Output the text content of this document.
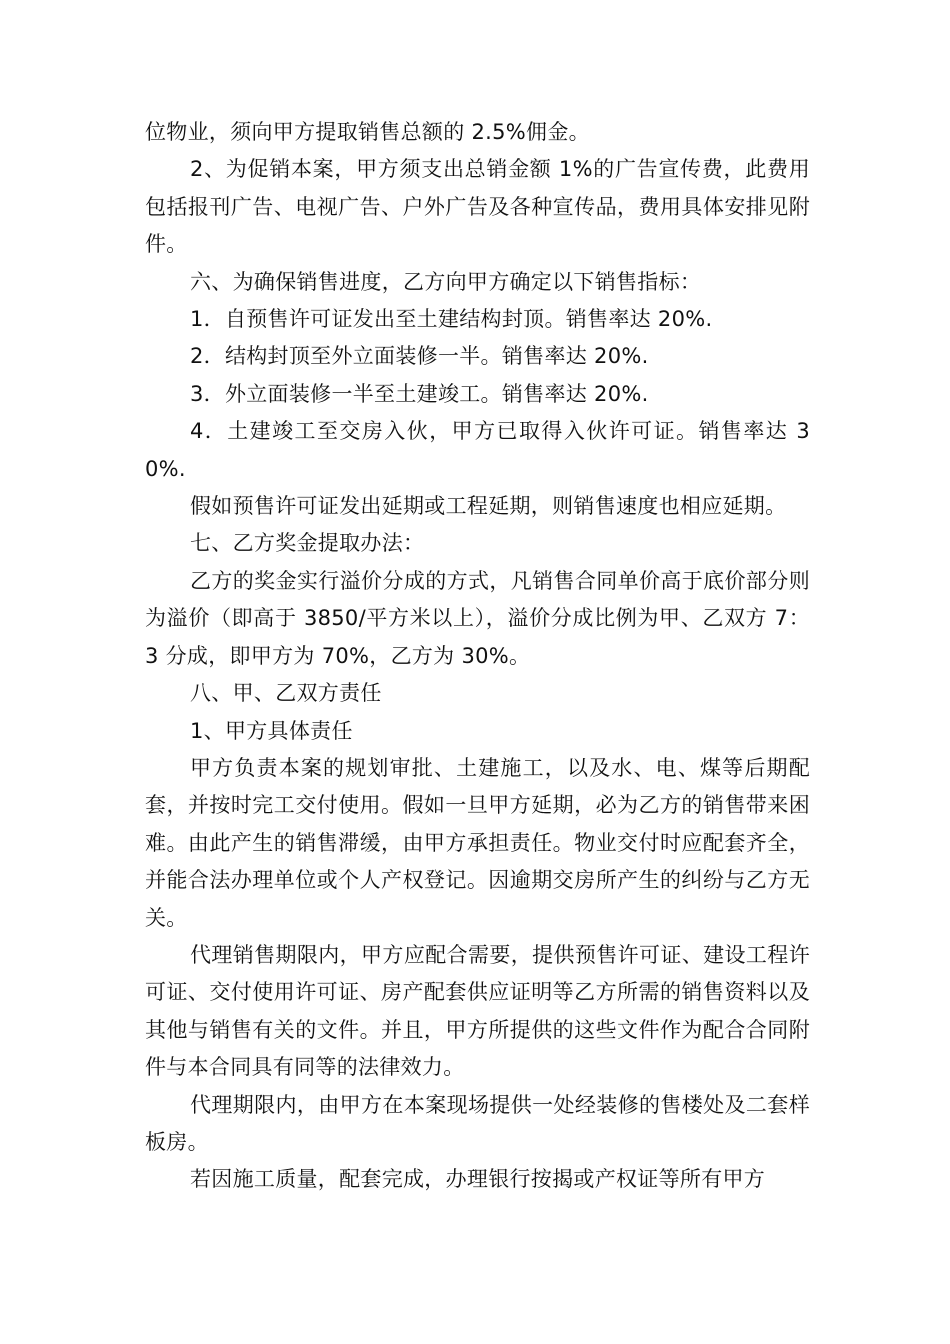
位物业，须向甲方提取销售总额的 2.5%佣金。

2、为促销本案，甲方须支出总销金额 1%的广告宣传费，此费用包括报刊广告、电视广告、户外广告及各种宣传品，费用具体安排见附件。

六、为确保销售进度，乙方向甲方确定以下销售指标：

1．自预售许可证发出至土建结构封顶。销售率达 20%.

2．结构封顶至外立面装修一半。销售率达 20%.

3．外立面装修一半至土建竣工。销售率达 20%.

4．土建竣工至交房入伙，甲方已取得入伙许可证。销售率达 30%.

假如预售许可证发出延期或工程延期，则销售速度也相应延期。

七、乙方奖金提取办法：

乙方的奖金实行溢价分成的方式，凡销售合同单价高于底价部分则为溢价（即高于 3850/平方米以上），溢价分成比例为甲、乙双方 7：3 分成，即甲方为 70%，乙方为 30%。

八、甲、乙双方责任

1、甲方具体责任

甲方负责本案的规划审批、土建施工，以及水、电、煤等后期配套，并按时完工交付使用。假如一旦甲方延期，必为乙方的销售带来困难。由此产生的销售滞缓，由甲方承担责任。物业交付时应配套齐全，并能合法办理单位或个人产权登记。因逾期交房所产生的纠纷与乙方无关。

代理销售期限内，甲方应配合需要，提供预售许可证、建设工程许可证、交付使用许可证、房产配套供应证明等乙方所需的销售资料以及其他与销售有关的文件。并且，甲方所提供的这些文件作为配合合同附件与本合同具有同等的法律效力。

代理期限内，由甲方在本案现场提供一处经装修的售楼处及二套样板房。

若因施工质量，配套完成，办理银行按揭或产权证等所有甲方
